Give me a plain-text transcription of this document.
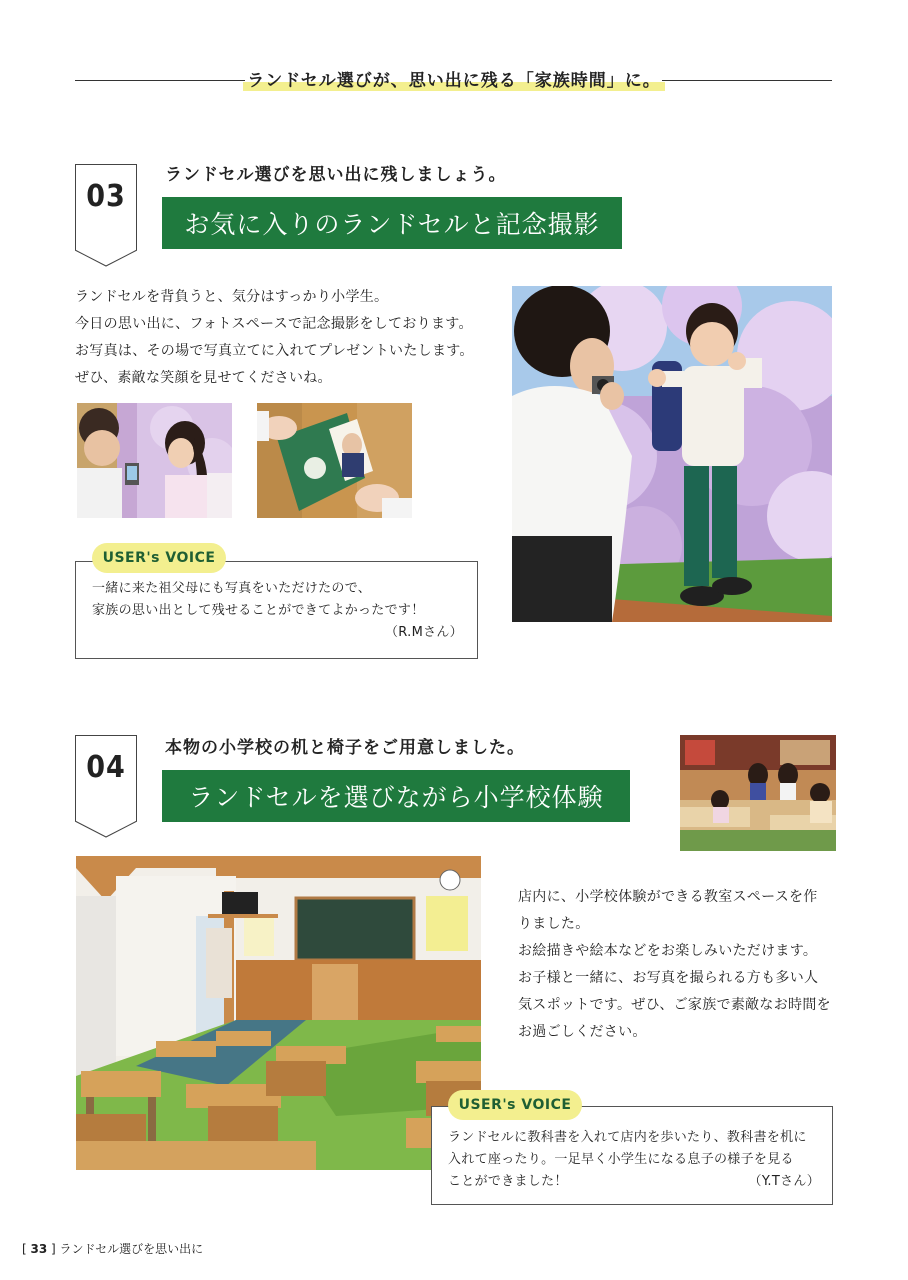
ランドセル選びが、思い出に残る「家族時間」に。
03
ランドセル選びを思い出に残しましょう。
お気に入りのランドセルと記念撮影

ランドセルを背負うと、気分はすっかり小学生。

今日の思い出に、フォトスペースで記念撮影をしております。

お写真は、その場で写真立てに入れてプレゼントいたします。

ぜひ、素敵な笑顔を見せてくださいね。

一緒に来た祖父母にも写真をいただけたので、
家族の思い出として残せることができてよかったです！
（R.Mさん）
USER's VOICE
04
本物の小学校の机と椅子をご用意しました。
ランドセルを選びながら小学校体験

店内に、小学校体験ができる教室スペースを作

りました。

お絵描きや絵本などをお楽しみいただけます。

お子様と一緒に、お写真を撮られる方も多い人

気スポットです。ぜひ、ご家族で素敵なお時間を

お過ごしください。

ランドセルに教科書を入れて店内を歩いたり、教科書を机に
入れて座ったり。一足早く小学生になる息子の様子を見る
ことができました！	（Y.Tさん）
USER's VOICE
[ 33 ] ランドセル選びを思い出に
